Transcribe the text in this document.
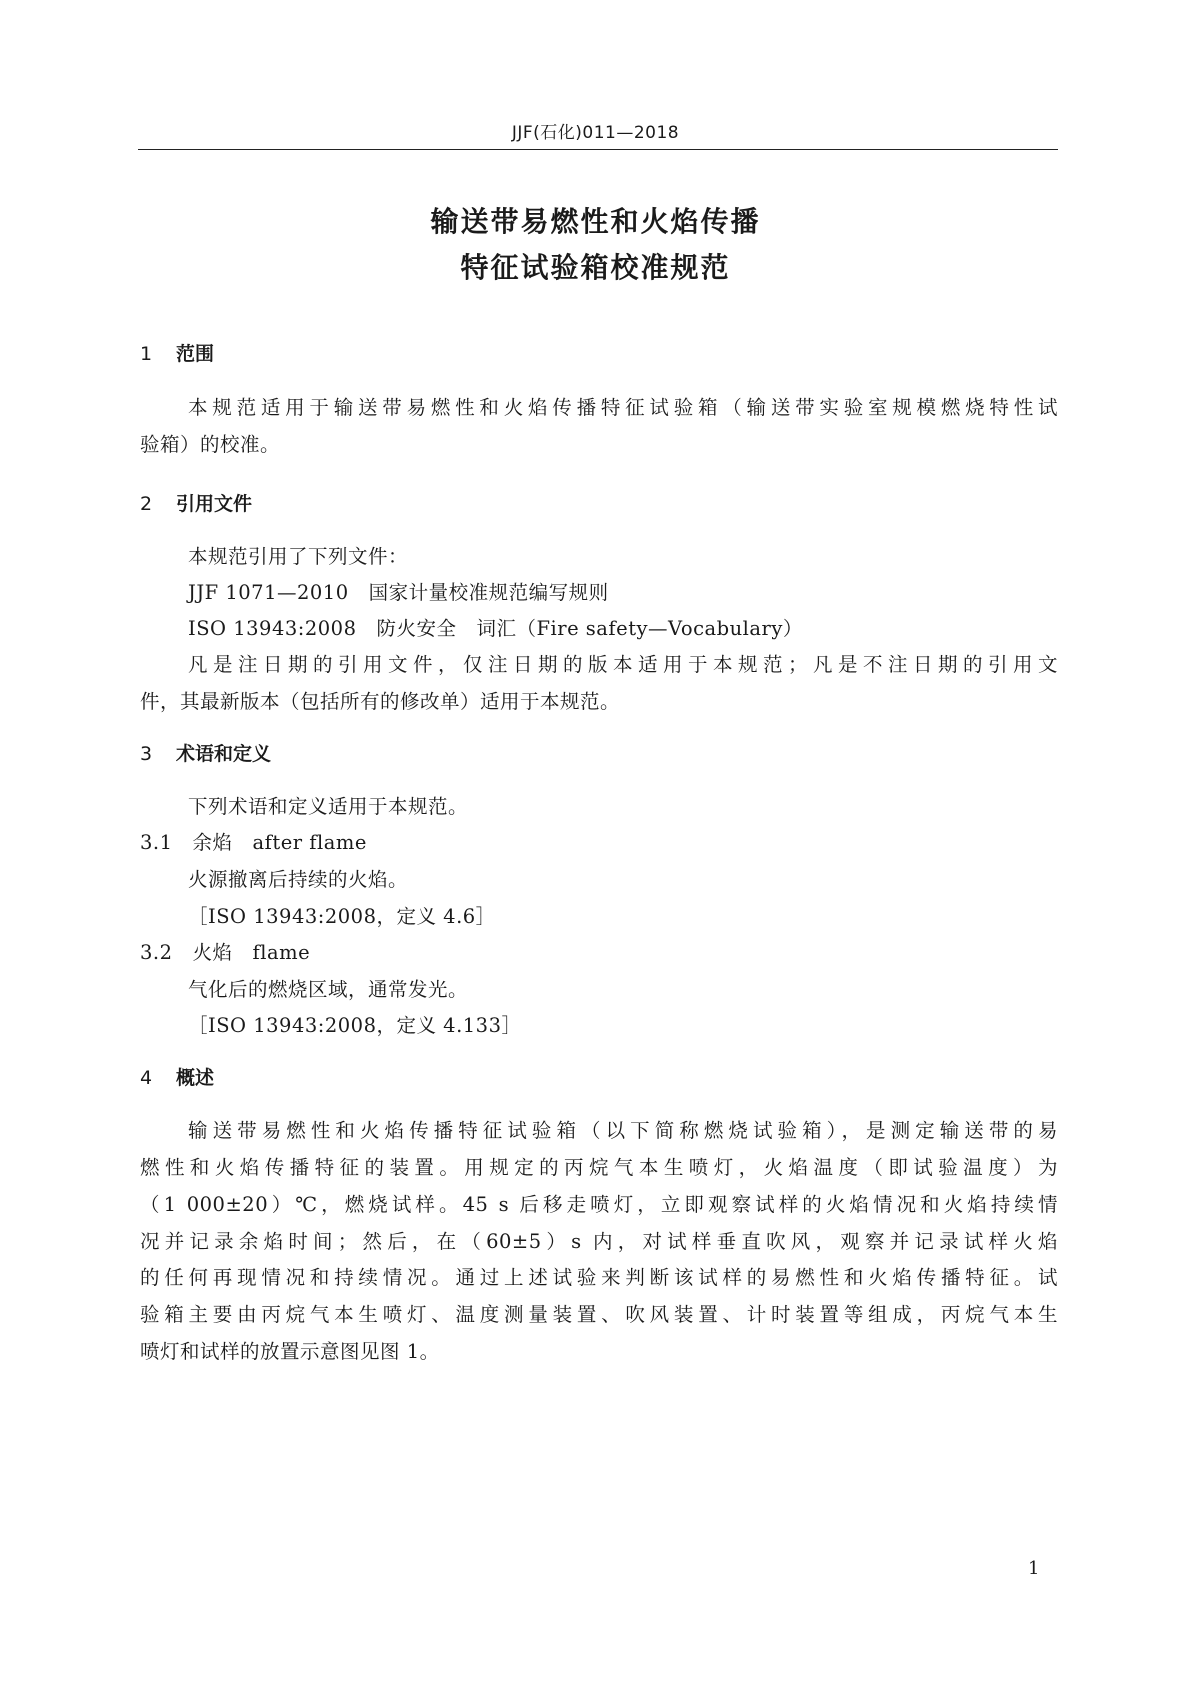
JJF(石化)011—2018
输送带易燃性和火焰传播
特征试验箱校准规范
1 范围
本规范适用于输送带易燃性和火焰传播特征试验箱（输送带实验室规模燃烧特性试
验箱）的校准。
2 引用文件
本规范引用了下列文件：
JJF 1071—2010　国家计量校准规范编写规则
ISO 13943:2008　防火安全　词汇（Fire safety—Vocabulary）
凡是注日期的引用文件，仅注日期的版本适用于本规范；凡是不注日期的引用文
件，其最新版本（包括所有的修改单）适用于本规范。
3 术语和定义
下列术语和定义适用于本规范。
3.1　余焰　after flame
火源撤离后持续的火焰。
［ISO 13943:2008，定义 4.6］
3.2　火焰　flame
气化后的燃烧区域，通常发光。
［ISO 13943:2008，定义 4.133］
4 概述
输送带易燃性和火焰传播特征试验箱（以下简称燃烧试验箱），是测定输送带的易
燃性和火焰传播特征的装置。用规定的丙烷气本生喷灯，火焰温度（即试验温度）为
（1 000±20）℃，燃烧试样。45 s 后移走喷灯，立即观察试样的火焰情况和火焰持续情
况并记录余焰时间；然后，在（60±5）s 内，对试样垂直吹风，观察并记录试样火焰
的任何再现情况和持续情况。通过上述试验来判断该试样的易燃性和火焰传播特征。试
验箱主要由丙烷气本生喷灯、温度测量装置、吹风装置、计时装置等组成，丙烷气本生
喷灯和试样的放置示意图见图 1。
1
